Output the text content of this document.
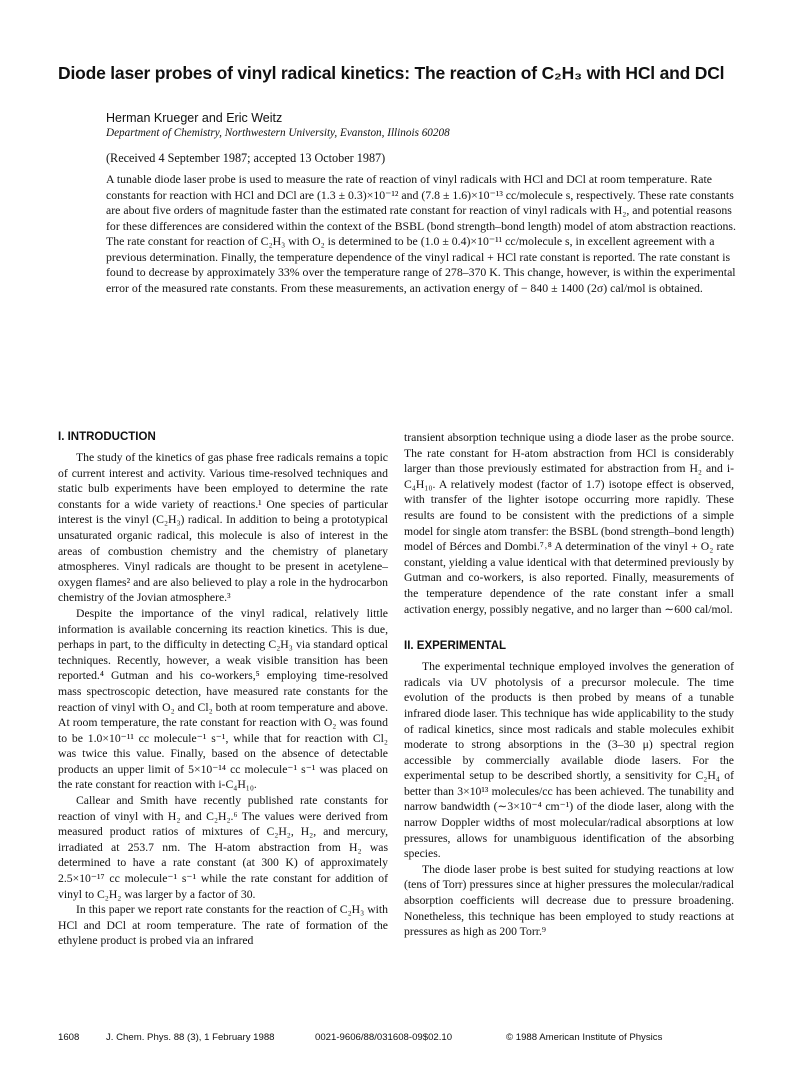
Diode laser probes of vinyl radical kinetics: The reaction of C₂H₃ with HCl and DCl
Herman Krueger and Eric Weitz
Department of Chemistry, Northwestern University, Evanston, Illinois 60208
(Received 4 September 1987; accepted 13 October 1987)

A tunable diode laser probe is used to measure the rate of reaction of vinyl radicals with HCl and DCl at room temperature. Rate constants for reaction with HCl and DCl are (1.3 ± 0.3)×10⁻¹² and (7.8 ± 1.6)×10⁻¹³ cc/molecule s, respectively. These rate constants are about five orders of magnitude faster than the estimated rate constant for reaction of vinyl radicals with H₂, and potential reasons for these differences are considered within the context of the BSBL (bond strength–bond length) model of atom abstraction reactions. The rate constant for reaction of C₂H₃ with O₂ is determined to be (1.0 ± 0.4)×10⁻¹¹ cc/molecule s, in excellent agreement with a previous determination. Finally, the temperature dependence of the vinyl radical + HCl rate constant is reported. The rate constant is found to decrease by approximately 33% over the temperature range of 278–370 K. This change, however, is within the experimental error of the measured rate constants. From these measurements, an activation energy of − 840 ± 1400 (2σ) cal/mol is obtained.

I. INTRODUCTION

The study of the kinetics of gas phase free radicals remains a topic of current interest and activity. Various time-resolved techniques and static bulb experiments have been employed to determine the rate constants for a wide variety of reactions.¹ One species of particular interest is the vinyl (C₂H₃) radical. In addition to being a prototypical unsaturated organic radical, this molecule is also of interest in the areas of combustion chemistry and the chemistry of planetary atmospheres. Vinyl radicals are thought to be present in acetylene–oxygen flames² and are also believed to play a role in the hydrocarbon chemistry of the Jovian atmosphere.³

Despite the importance of the vinyl radical, relatively little information is available concerning its reaction kinetics. This is due, perhaps in part, to the difficulty in detecting C₂H₃ via standard optical techniques. Recently, however, a weak visible transition has been reported.⁴ Gutman and his co-workers,⁵ employing time-resolved mass spectroscopic detection, have measured rate constants for the reaction of vinyl with O₂ and Cl₂ both at room temperature and above. At room temperature, the rate constant for reaction with O₂ was found to be 1.0×10⁻¹¹ cc molecule⁻¹ s⁻¹, while that for reaction with Cl₂ was twice this value. Finally, based on the absence of detectable products an upper limit of 5×10⁻¹⁴ cc molecule⁻¹ s⁻¹ was placed on the rate constant for reaction with i-C₄H₁₀.

Callear and Smith have recently published rate constants for reaction of vinyl with H₂ and C₂H₂.⁶ The values were derived from measured product ratios of mixtures of C₂H₂, H₂, and mercury, irradiated at 253.7 nm. The H-atom abstraction from H₂ was determined to have a rate constant (at 300 K) of approximately 2.5×10⁻¹⁷ cc molecule⁻¹ s⁻¹ while the rate constant for addition of vinyl to C₂H₂ was larger by a factor of 30.

In this paper we report rate constants for the reaction of C₂H₃ with HCl and DCl at room temperature. The rate of formation of the ethylene product is probed via an infrared

transient absorption technique using a diode laser as the probe source. The rate constant for H-atom abstraction from HCl is considerably larger than those previously estimated for abstraction from H₂ and i-C₄H₁₀. A relatively modest (factor of 1.7) isotope effect is observed, with transfer of the lighter isotope occurring more rapidly. These results are found to be consistent with the predictions of a simple model for single atom transfer: the BSBL (bond strength–bond length) model of Bérces and Dombi.⁷˒⁸ A determination of the vinyl + O₂ rate constant, yielding a value identical with that determined previously by Gutman and co-workers, is also reported. Finally, measurements of the temperature dependence of the rate constant infer a small activation energy, possibly negative, and no larger than ∼600 cal/mol.

II. EXPERIMENTAL

The experimental technique employed involves the generation of radicals via UV photolysis of a precursor molecule. The time evolution of the products is then probed by means of a tunable infrared diode laser. This technique has wide applicability to the study of radical kinetics, since most radicals and stable molecules exhibit moderate to strong absorptions in the (3–30 μ) spectral region accessible by commercially available diode lasers. For the experimental setup to be described shortly, a sensitivity for C₂H₄ of better than 3×10¹³ molecules/cc has been achieved. The tunability and narrow bandwidth (∼3×10⁻⁴ cm⁻¹) of the diode laser, along with the narrow Doppler widths of most molecular/radical absorptions at low pressures, allows for unambiguous identification of the absorbing species.

The diode laser probe is best suited for studying reactions at low (tens of Torr) pressures since at higher pressures the molecular/radical absorption coefficients will decrease due to pressure broadening. Nonetheless, this technique has been employed to study reactions at pressures as high as 200 Torr.⁹

1608	J. Chem. Phys. 88 (3), 1 February 1988	0021-9606/88/031608-09$02.10	© 1988 American Institute of Physics
